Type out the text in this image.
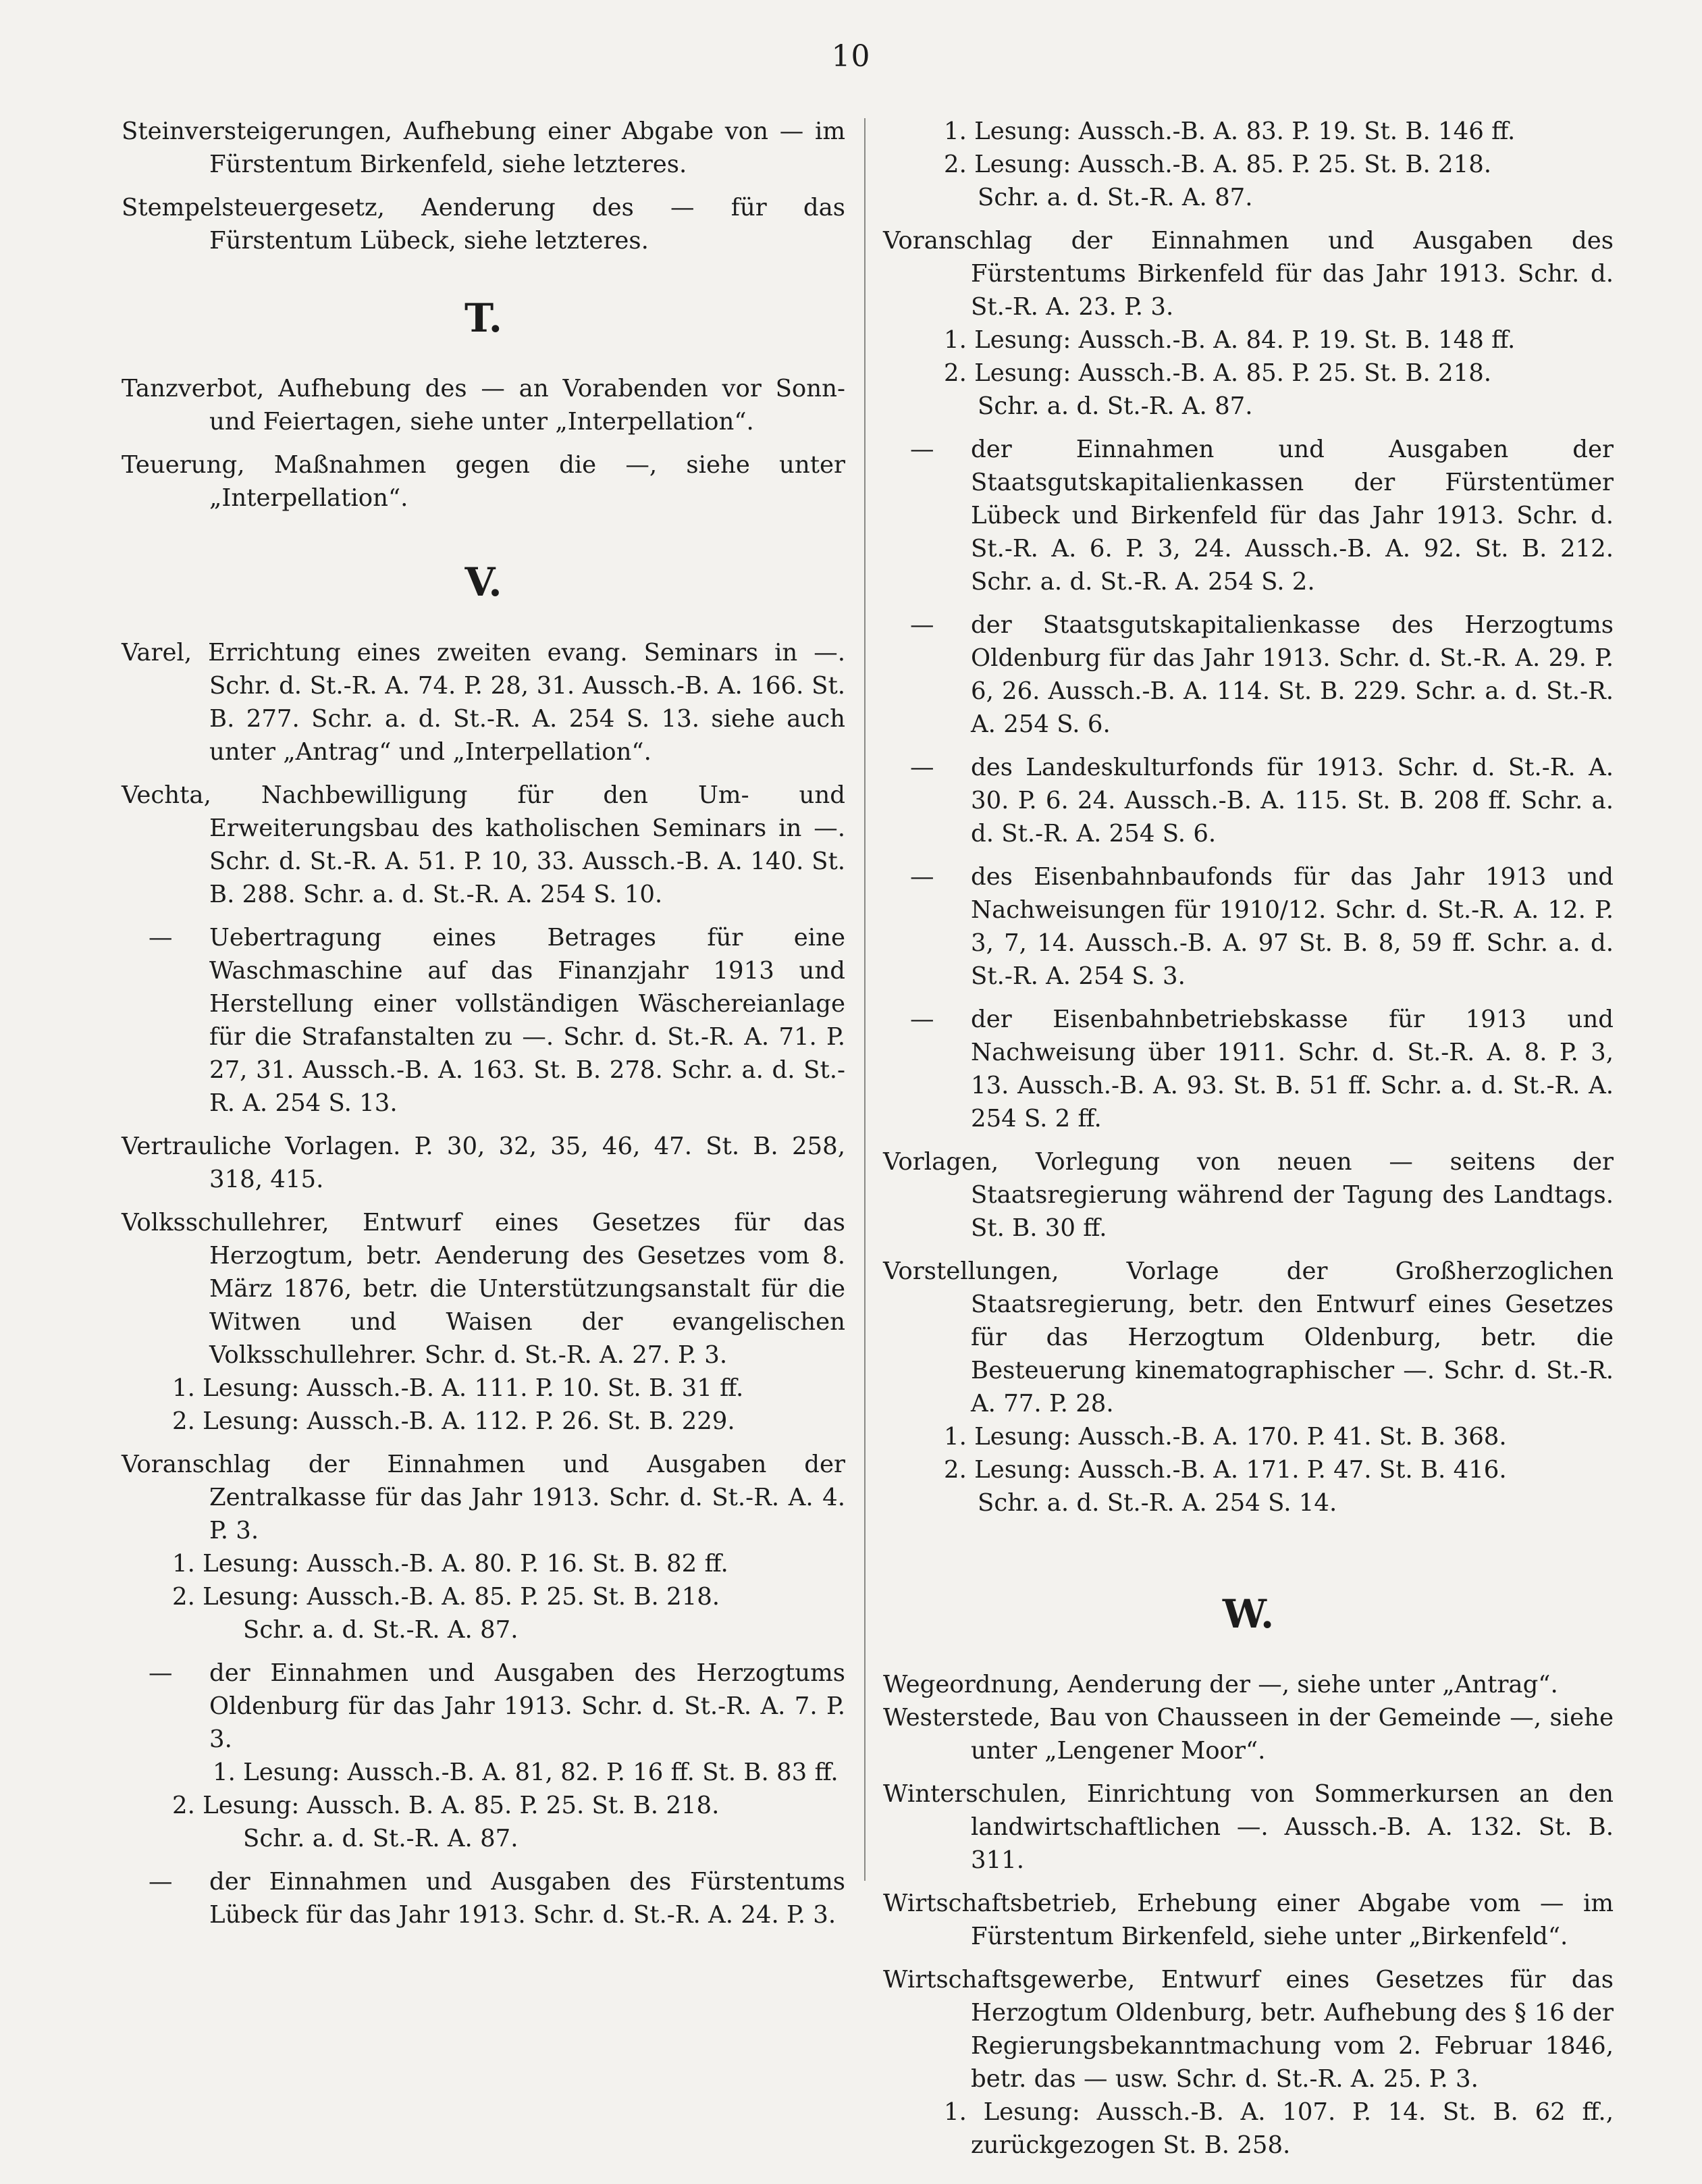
10

Steinversteigerungen, Aufhebung einer Abgabe von — im Fürstentum Birkenfeld, siehe letzteres.

Stempelsteuergesetz, Aenderung des — für das Fürstentum Lübeck, siehe letzteres.

T.

Tanzverbot, Aufhebung des — an Vorabenden vor Sonn- und Feiertagen, siehe unter „Interpellation“.

Teuerung, Maßnahmen gegen die —, siehe unter „Interpellation“.

V.

Varel, Errichtung eines zweiten evang. Seminars in —. Schr. d. St.-R. A. 74. P. 28, 31. Aussch.-B. A. 166. St. B. 277. Schr. a. d. St.-R. A. 254 S. 13. siehe auch unter „Antrag“ und „Interpellation“.

Vechta, Nachbewilligung für den Um- und Erweiterungsbau des katholischen Seminars in —. Schr. d. St.-R. A. 51. P. 10, 33. Aussch.-B. A. 140. St. B. 288. Schr. a. d. St.-R. A. 254 S. 10.

— Uebertragung eines Betrages für eine Waschmaschine auf das Finanzjahr 1913 und Herstellung einer vollständigen Wäschereianlage für die Strafanstalten zu —. Schr. d. St.-R. A. 71. P. 27, 31. Aussch.-B. A. 163. St. B. 278. Schr. a. d. St.-R. A. 254 S. 13.

Vertrauliche Vorlagen. P. 30, 32, 35, 46, 47. St. B. 258, 318, 415.

Volksschullehrer, Entwurf eines Gesetzes für das Herzogtum, betr. Aenderung des Gesetzes vom 8. März 1876, betr. die Unterstützungsanstalt für die Witwen und Waisen der evangelischen Volksschullehrer. Schr. d. St.-R. A. 27. P. 3.

1. Lesung: Aussch.-B. A. 111. P. 10. St. B. 31 ff.

2. Lesung: Aussch.-B. A. 112. P. 26. St. B. 229.

Voranschlag der Einnahmen und Ausgaben der Zentralkasse für das Jahr 1913. Schr. d. St.-R. A. 4. P. 3.

1. Lesung: Aussch.-B. A. 80. P. 16. St. B. 82 ff.

2. Lesung: Aussch.-B. A. 85. P. 25. St. B. 218.

Schr. a. d. St.-R. A. 87.

— der Einnahmen und Ausgaben des Herzogtums Oldenburg für das Jahr 1913. Schr. d. St.-R. A. 7. P. 3.

1. Lesung: Aussch.-B. A. 81, 82. P. 16 ff. St. B. 83 ff.

2. Lesung: Aussch. B. A. 85. P. 25. St. B. 218.

Schr. a. d. St.-R. A. 87.

— der Einnahmen und Ausgaben des Fürstentums Lübeck für das Jahr 1913. Schr. d. St.-R. A. 24. P. 3.

1. Lesung: Aussch.-B. A. 83. P. 19. St. B. 146 ff.

2. Lesung: Aussch.-B. A. 85. P. 25. St. B. 218.

Schr. a. d. St.-R. A. 87.

Voranschlag der Einnahmen und Ausgaben des Fürstentums Birkenfeld für das Jahr 1913. Schr. d. St.-R. A. 23. P. 3.

1. Lesung: Aussch.-B. A. 84. P. 19. St. B. 148 ff.

2. Lesung: Aussch.-B. A. 85. P. 25. St. B. 218.

Schr. a. d. St.-R. A. 87.

— der Einnahmen und Ausgaben der Staatsgutskapitalienkassen der Fürstentümer Lübeck und Birkenfeld für das Jahr 1913. Schr. d. St.-R. A. 6. P. 3, 24. Aussch.-B. A. 92. St. B. 212. Schr. a. d. St.-R. A. 254 S. 2.
— der Staatsgutskapitalienkasse des Herzogtums Oldenburg für das Jahr 1913. Schr. d. St.-R. A. 29. P. 6, 26. Aussch.-B. A. 114. St. B. 229. Schr. a. d. St.-R. A. 254 S. 6.
— des Landeskulturfonds für 1913. Schr. d. St.-R. A. 30. P. 6. 24. Aussch.-B. A. 115. St. B. 208 ff. Schr. a. d. St.-R. A. 254 S. 6.
— des Eisenbahnbaufonds für das Jahr 1913 und Nachweisungen für 1910/12. Schr. d. St.-R. A. 12. P. 3, 7, 14. Aussch.-B. A. 97 St. B. 8, 59 ff. Schr. a. d. St.-R. A. 254 S. 3.
— der Eisenbahnbetriebskasse für 1913 und Nachweisung über 1911. Schr. d. St.-R. A. 8. P. 3, 13. Aussch.-B. A. 93. St. B. 51 ff. Schr. a. d. St.-R. A. 254 S. 2 ff.

Vorlagen, Vorlegung von neuen — seitens der Staatsregierung während der Tagung des Landtags. St. B. 30 ff.

Vorstellungen, Vorlage der Großherzoglichen Staatsregierung, betr. den Entwurf eines Gesetzes für das Herzogtum Oldenburg, betr. die Besteuerung kinematographischer —. Schr. d. St.-R. A. 77. P. 28.

1. Lesung: Aussch.-B. A. 170. P. 41. St. B. 368.

2. Lesung: Aussch.-B. A. 171. P. 47. St. B. 416.

Schr. a. d. St.-R. A. 254 S. 14.

W.

Wegeordnung, Aenderung der —, siehe unter „Antrag“.

Westerstede, Bau von Chausseen in der Gemeinde —, siehe unter „Lengener Moor“.

Winterschulen, Einrichtung von Sommerkursen an den landwirtschaftlichen —. Aussch.-B. A. 132. St. B. 311.

Wirtschaftsbetrieb, Erhebung einer Abgabe vom — im Fürstentum Birkenfeld, siehe unter „Birkenfeld“.

Wirtschaftsgewerbe, Entwurf eines Gesetzes für das Herzogtum Oldenburg, betr. Aufhebung des § 16 der Regierungsbekanntmachung vom 2. Februar 1846, betr. das — usw. Schr. d. St.-R. A. 25. P. 3.

1. Lesung: Aussch.-B. A. 107. P. 14. St. B. 62 ff., zurückgezogen St. B. 258.
